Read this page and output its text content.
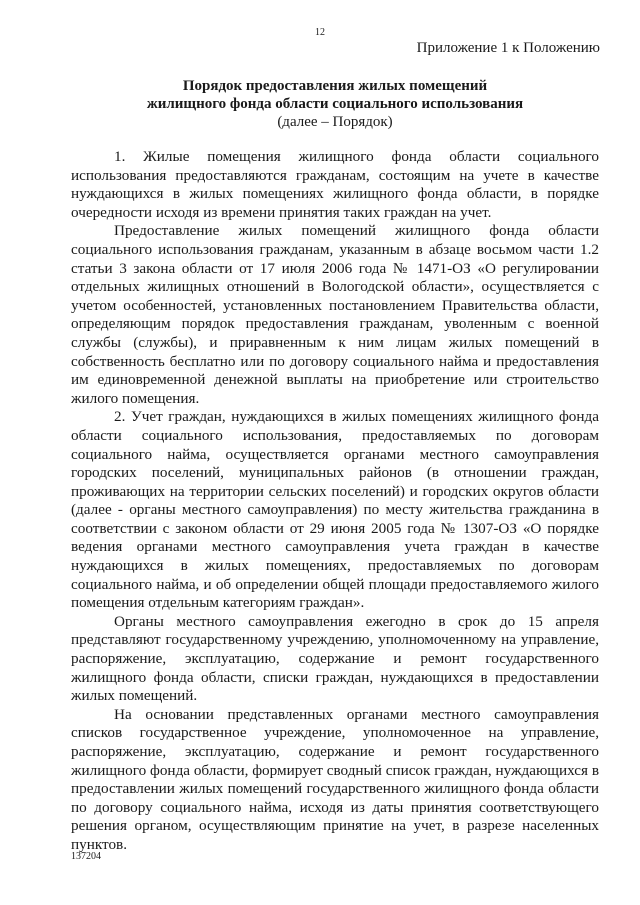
12
Приложение 1 к Положению
Порядок предоставления жилых помещений
жилищного фонда области социального использования
(далее – Порядок)

1. Жилые помещения жилищного фонда области социального использования предоставляются гражданам, состоящим на учете в качестве нуждающихся в жилых помещениях жилищного фонда области, в порядке очередности исходя из времени принятия таких граждан на учет.

Предоставление жилых помещений жилищного фонда области социального использования гражданам, указанным в абзаце восьмом части 1.2 статьи 3 закона области от 17 июля 2006 года № 1471-ОЗ «О регулировании отдельных жилищных отношений в Вологодской области», осуществляется с учетом особенностей, установленных постановлением Правительства области, определяющим порядок предоставления гражданам, уволенным с военной службы (службы), и приравненным к ним лицам жилых помещений в собственность бесплатно или по договору социального найма и предоставления им единовременной денежной выплаты на приобретение или строительство жилого помещения.

2. Учет граждан, нуждающихся в жилых помещениях жилищного фонда области социального использования, предоставляемых по договорам социального найма, осуществляется органами местного самоуправления городских поселений, муниципальных районов (в отношении граждан, проживающих на территории сельских поселений) и городских округов области (далее - органы местного самоуправления) по месту жительства гражданина в соответствии с законом области от 29 июня 2005 года № 1307-ОЗ «О порядке ведения органами местного самоуправления учета граждан в качестве нуждающихся в жилых помещениях, предоставляемых по договорам социального найма, и об определении общей площади предоставляемого жилого помещения отдельным категориям граждан».

Органы местного самоуправления ежегодно в срок до 15 апреля представляют государственному учреждению, уполномоченному на управление, распоряжение, эксплуатацию, содержание и ремонт государственного жилищного фонда области, списки граждан, нуждающихся в предоставлении жилых помещений.

На основании представленных органами местного самоуправления списков государственное учреждение, уполномоченное на управление, распоряжение, эксплуатацию, содержание и ремонт государственного жилищного фонда области, формирует сводный список граждан, нуждающихся в предоставлении жилых помещений государственного жилищного фонда области по договору социального найма, исходя из даты принятия соответствующего решения органом, осуществляющим принятие на учет, в разрезе населенных пунктов.

137204
